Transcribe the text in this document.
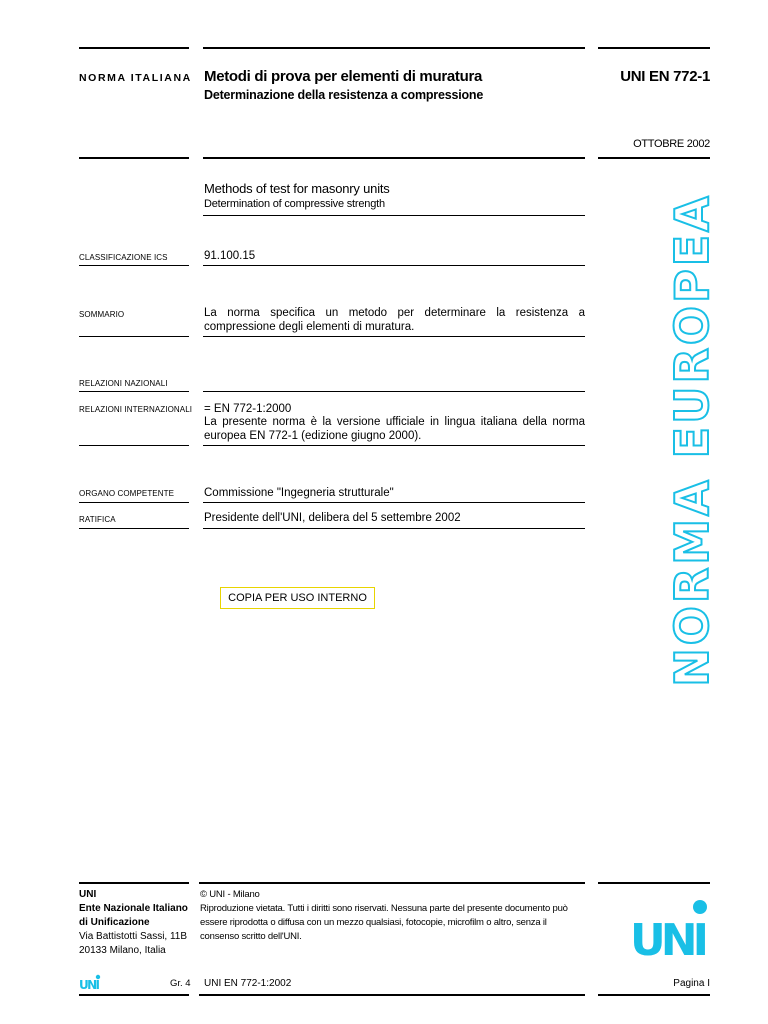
NORMA ITALIANA Metodi di prova per elementi di muratura
Determinazione della resistenza a compressione
UNI EN 772-1
OTTOBRE 2002
Methods of test for masonry units
Determination of compressive strength
CLASSIFICAZIONE ICS	91.100.15
SOMMARIO	La norma specifica un metodo per determinare la resistenza a compressione degli elementi di muratura.
RELAZIONI NAZIONALI
RELAZIONI INTERNAZIONALI = EN 772-1:2000
La presente norma è la versione ufficiale in lingua italiana della norma europea EN 772-1 (edizione giugno 2000).
ORGANO COMPETENTE	Commissione "Ingegneria strutturale"
RATIFICA	Presidente dell'UNI, delibera del 5 settembre 2002
COPIA PER USO INTERNO	NORMA EUROPEA
UNI
Ente Nazionale Italiano
di Unificazione
Via Battistotti Sassi, 11B
20133 Milano, Italia
© UNI - Milano
Riproduzione vietata. Tutti i diritti sono riservati. Nessuna parte del presente documento può essere riprodotta o diffusa con un mezzo qualsiasi, fotocopie, microfilm o altro, senza il consenso scritto dell'UNI.	UNI
UNI	Gr. 4 UNI EN 772-1:2002	Pagina I
